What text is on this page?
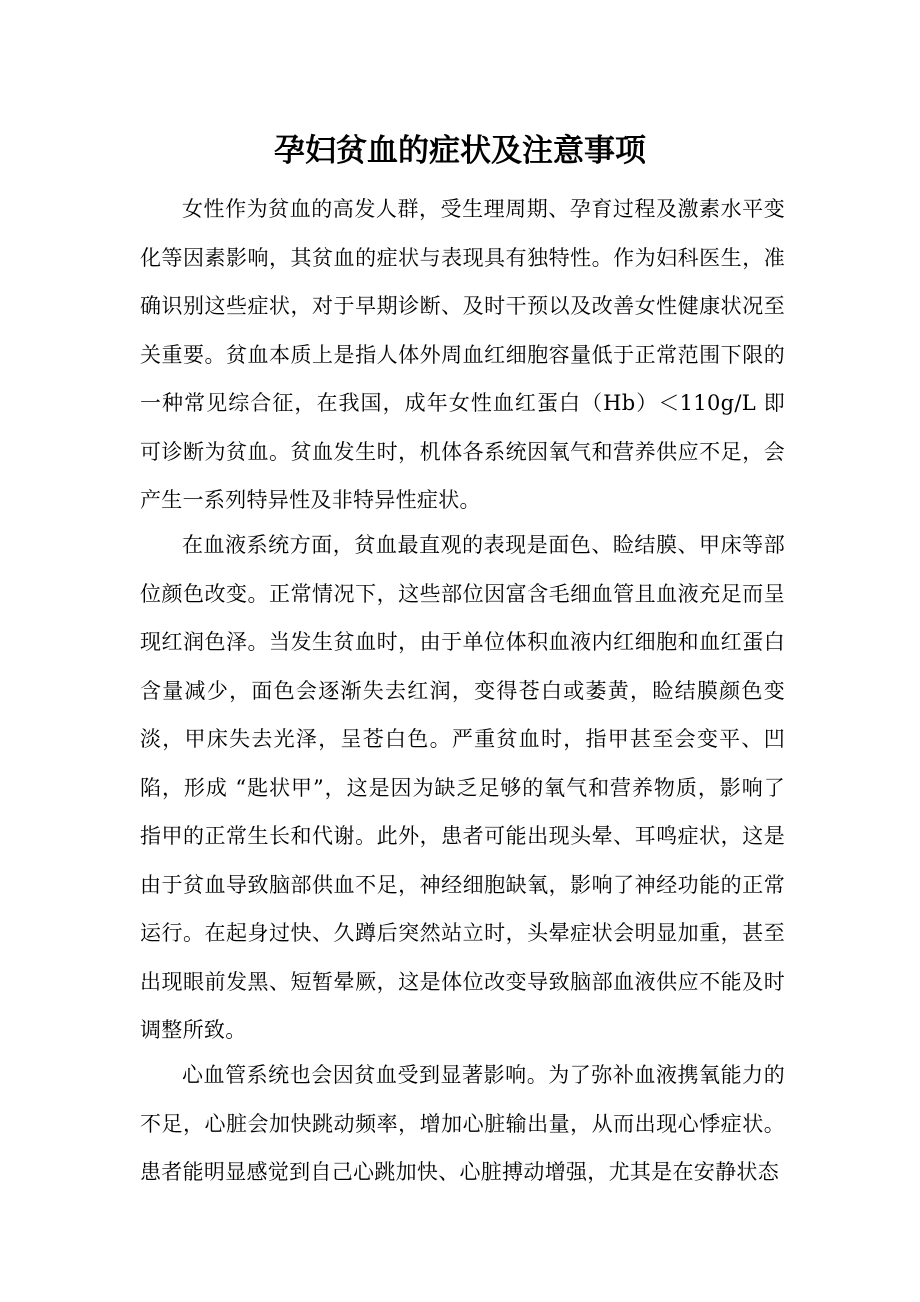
孕妇贫血的症状及注意事项

女性作为贫血的高发人群，受生理周期、孕育过程及激素水平变化等因素影响，其贫血的症状与表现具有独特性。作为妇科医生，准确识别这些症状，对于早期诊断、及时干预以及改善女性健康状况至关重要。贫血本质上是指人体外周血红细胞容量低于正常范围下限的一种常见综合征，在我国，成年女性血红蛋白（Hb）＜110g/L 即可诊断为贫血。贫血发生时，机体各系统因氧气和营养供应不足，会产生一系列特异性及非特异性症状。

在血液系统方面，贫血最直观的表现是面色、睑结膜、甲床等部位颜色改变。正常情况下，这些部位因富含毛细血管且血液充足而呈现红润色泽。当发生贫血时，由于单位体积血液内红细胞和血红蛋白含量减少，面色会逐渐失去红润，变得苍白或萎黄，睑结膜颜色变淡，甲床失去光泽，呈苍白色。严重贫血时，指甲甚至会变平、凹陷，形成 “匙状甲”，这是因为缺乏足够的氧气和营养物质，影响了指甲的正常生长和代谢。此外，患者可能出现头晕、耳鸣症状，这是由于贫血导致脑部供血不足，神经细胞缺氧，影响了神经功能的正常运行。在起身过快、久蹲后突然站立时，头晕症状会明显加重，甚至出现眼前发黑、短暂晕厥，这是体位改变导致脑部血液供应不能及时调整所致。

心血管系统也会因贫血受到显著影响。为了弥补血液携氧能力的不足，心脏会加快跳动频率，增加心脏输出量，从而出现心悸症状。患者能明显感觉到自己心跳加快、心脏搏动增强，尤其是在安静状态
